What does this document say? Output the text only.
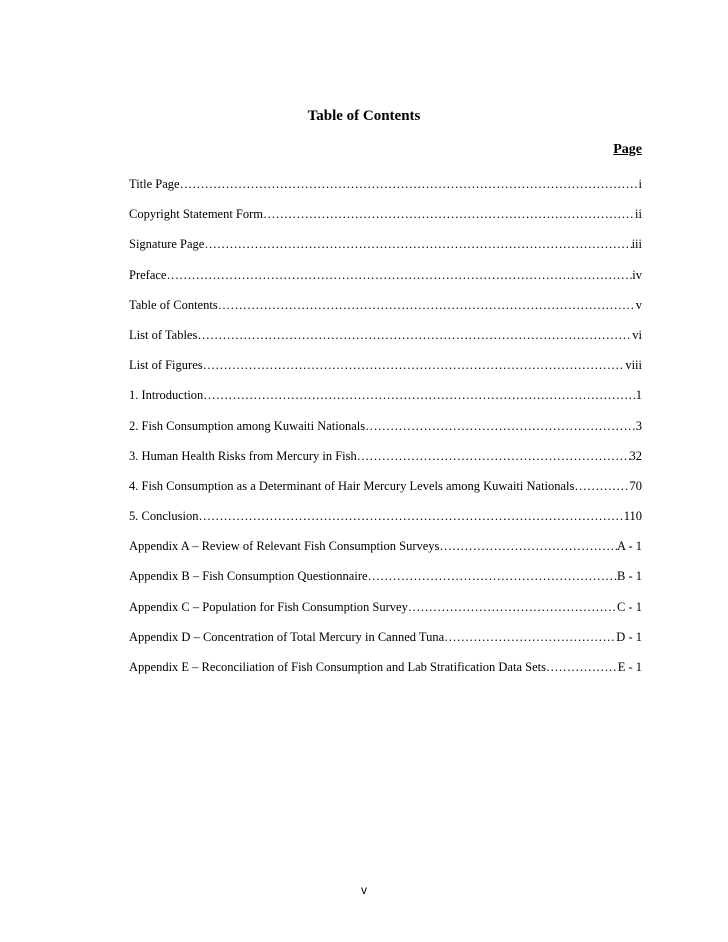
Table of Contents
Page
Title Page …………………………………………………………………………………………………………………………………………………………	i
Copyright Statement Form …………………………………………………………………………………………………………………………………………………………	ii
Signature Page …………………………………………………………………………………………………………………………………………………………	iii
Preface …………………………………………………………………………………………………………………………………………………………	iv
Table of Contents …………………………………………………………………………………………………………………………………………………………	v
List of Tables …………………………………………………………………………………………………………………………………………………………	vi
List of Figures …………………………………………………………………………………………………………………………………………………………	viii
1. Introduction …………………………………………………………………………………………………………………………………………………………	1
2. Fish Consumption among Kuwaiti Nationals …………………………………………………………………………………………………………………………………………………………	3
3. Human Health Risks from Mercury in Fish …………………………………………………………………………………………………………………………………………………………	32
4. Fish Consumption as a Determinant of Hair Mercury Levels among Kuwaiti Nationals …………………………………………………………………………………………………………………………………………………………	70
5. Conclusion …………………………………………………………………………………………………………………………………………………………	110
Appendix A – Review of Relevant Fish Consumption Surveys …………………………………………………………………………………………………………………………………………………………	A - 1
Appendix B – Fish Consumption Questionnaire …………………………………………………………………………………………………………………………………………………………	B - 1
Appendix C – Population for Fish Consumption Survey …………………………………………………………………………………………………………………………………………………………	C - 1
Appendix D – Concentration of Total Mercury in Canned Tuna …………………………………………………………………………………………………………………………………………………………	D - 1
Appendix E – Reconciliation of Fish Consumption and Lab Stratification Data Sets …………………………………………………………………………………………………………………………………………………………	E - 1
v
